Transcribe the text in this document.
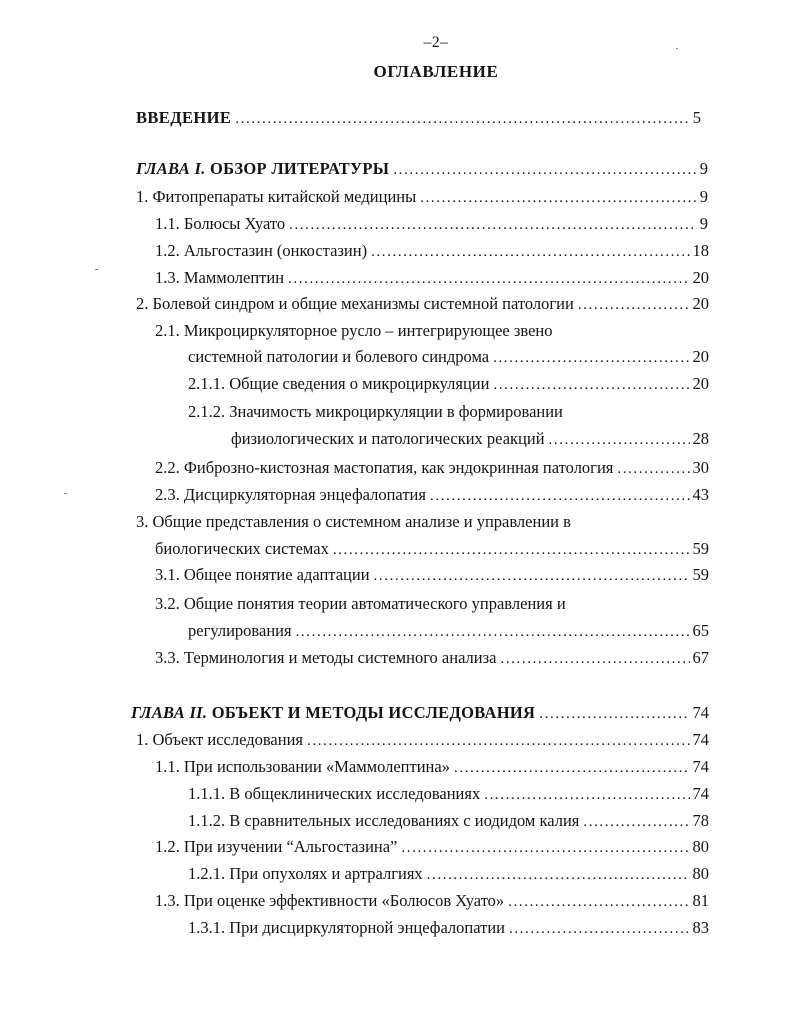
–2–
ОГЛАВЛЕНИЕ
ВВЕДЕНИЕ .....	5
ГЛАВА I. ОБЗОР ЛИТЕРАТУРЫ .....	9
1. Фитопрепараты китайской медицины .....	9
1.1. Болюсы Хуато .....	9
1.2. Альгостазин (онкостазин) .....	18
1.3. Маммолептин .....	20
2. Болевой синдром и общие механизмы системной патологии .....	20
2.1. Микроциркуляторное русло – интегрирующее звено
системной патологии и болевого синдрома .....	20
2.1.1. Общие сведения о микроциркуляции .....	20
2.1.2. Значимость микроциркуляции в формировании
физиологических и патологических реакций .....	28
2.2. Фиброзно-кистозная мастопатия, как эндокринная патология .....	30
2.3. Дисциркуляторная энцефалопатия .....	43
3. Общие представления о системном анализе и управлении в
биологических системах .....	59
3.1. Общее понятие адаптации .....	59
3.2. Общие понятия теории автоматического управления и
регулирования .....	65
3.3. Терминология и методы системного анализа .....	67
ГЛАВА II. ОБЪЕКТ И МЕТОДЫ ИССЛЕДОВАНИЯ .....	74
1. Объект исследования .....	74
1.1. При использовании «Маммолептина» .....	74
1.1.1. В общеклинических исследованиях .....	74
1.1.2. В сравнительных исследованиях с иодидом калия .....	78
1.2. При изучении “Альгостазина” .....	80
1.2.1. При опухолях и артралгиях .....	80
1.3. При оценке эффективности «Болюсов Хуато» .....	81
1.3.1. При дисциркуляторной энцефалопатии .....	83
